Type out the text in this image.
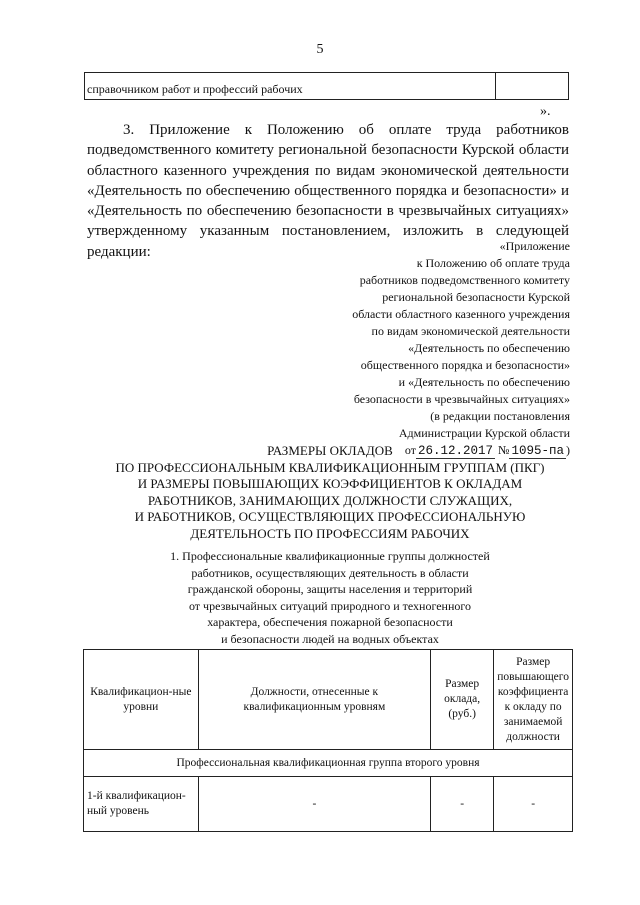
5
справочником работ и профессий рабочих
».

3. Приложение к Положению об оплате труда работников подведомственного комитету региональной безопасности Курской области областного казенного учреждения по видам экономической деятельности «Деятельность по обеспечению общественного порядка и безопасности» и «Деятельность по обеспечению безопасности в чрезвычайных ситуациях» утвержденному указанным постановлением, изложить в следующей редакции:	«Приложение
к Положению об оплате труда
работников подведомственного комитету
региональной безопасности Курской
области областного казенного учреждения
по видам экономической деятельности
«Деятельность по обеспечению
общественного порядка и безопасности»
и «Деятельность по обеспечению
безопасности в чрезвычайных ситуациях»
(в редакции постановления
Администрации Курской области
от 26.12.2017 № 1095-па )
РАЗМЕРЫ ОКЛАДОВ
ПО ПРОФЕССИОНАЛЬНЫМ КВАЛИФИКАЦИОННЫМ ГРУППАМ (ПКГ)
И РАЗМЕРЫ ПОВЫШАЮЩИХ КОЭФФИЦИЕНТОВ К ОКЛАДАМ
РАБОТНИКОВ, ЗАНИМАЮЩИХ ДОЛЖНОСТИ СЛУЖАЩИХ,
И РАБОТНИКОВ, ОСУЩЕСТВЛЯЮЩИХ ПРОФЕССИОНАЛЬНУЮ
ДЕЯТЕЛЬНОСТЬ ПО ПРОФЕССИЯМ РАБОЧИХ
1. Профессиональные квалификационные группы должностей
работников, осуществляющих деятельность в области
гражданской обороны, защиты населения и территорий
от чрезвычайных ситуаций природного и техногенного
характера, обеспечения пожарной безопасности
и безопасности людей на водных объектах
Квалификацион-ные уровни	Должности, отнесенные к квалификационным уровням	Размер оклада, (руб.)	Размер повышающего коэффициента к окладу по занимаемой должности
Профессиональная квалификационная группа второго уровня			
1-й квалификацион-ный уровень	-	-	-
